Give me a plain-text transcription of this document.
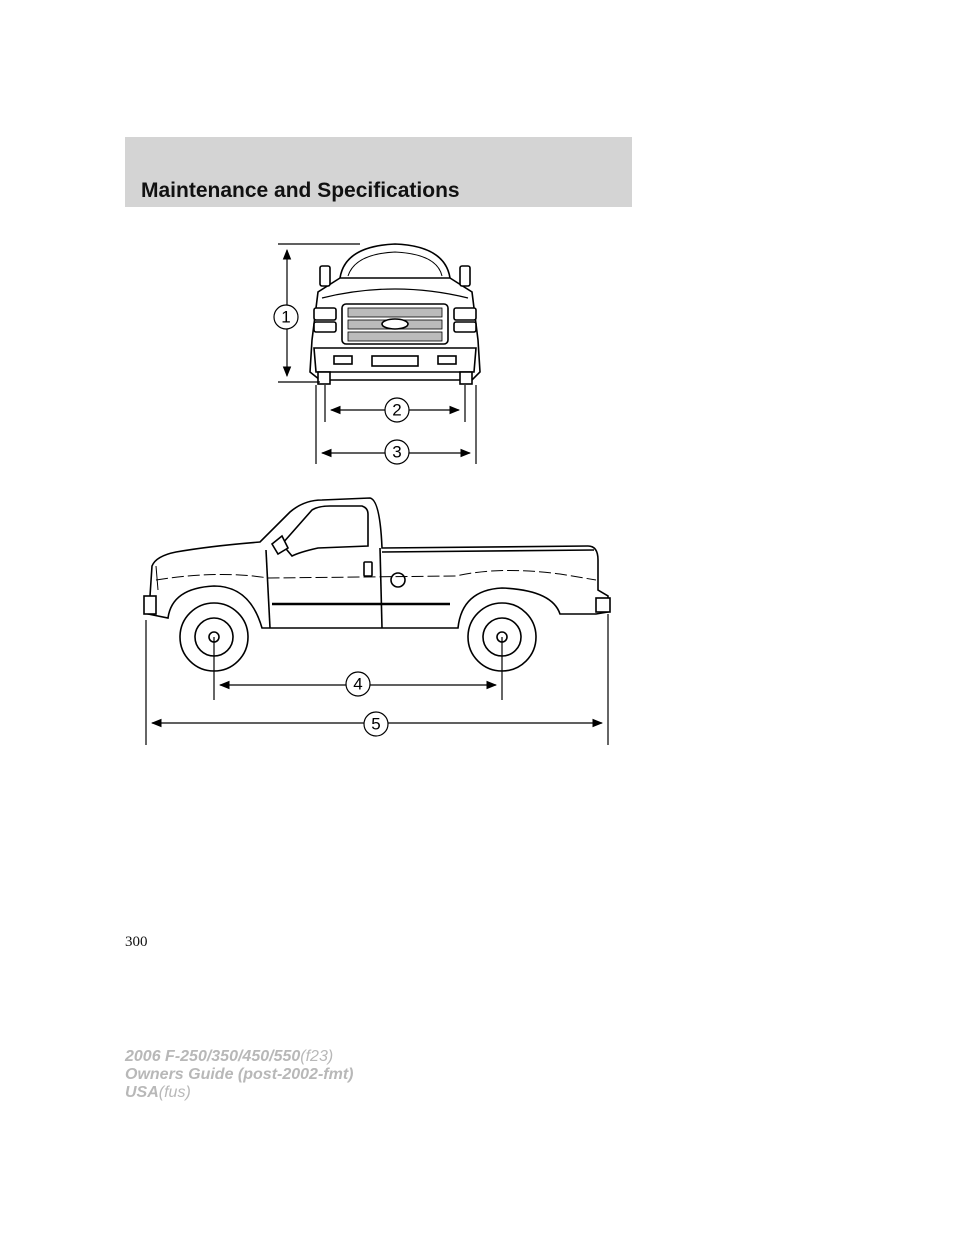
Maintenance and Specifications
1
2
3
4
5
300
2006 F-250/350/450/550(f23)
Owners Guide (post-2002-fmt)
USA(fus)
